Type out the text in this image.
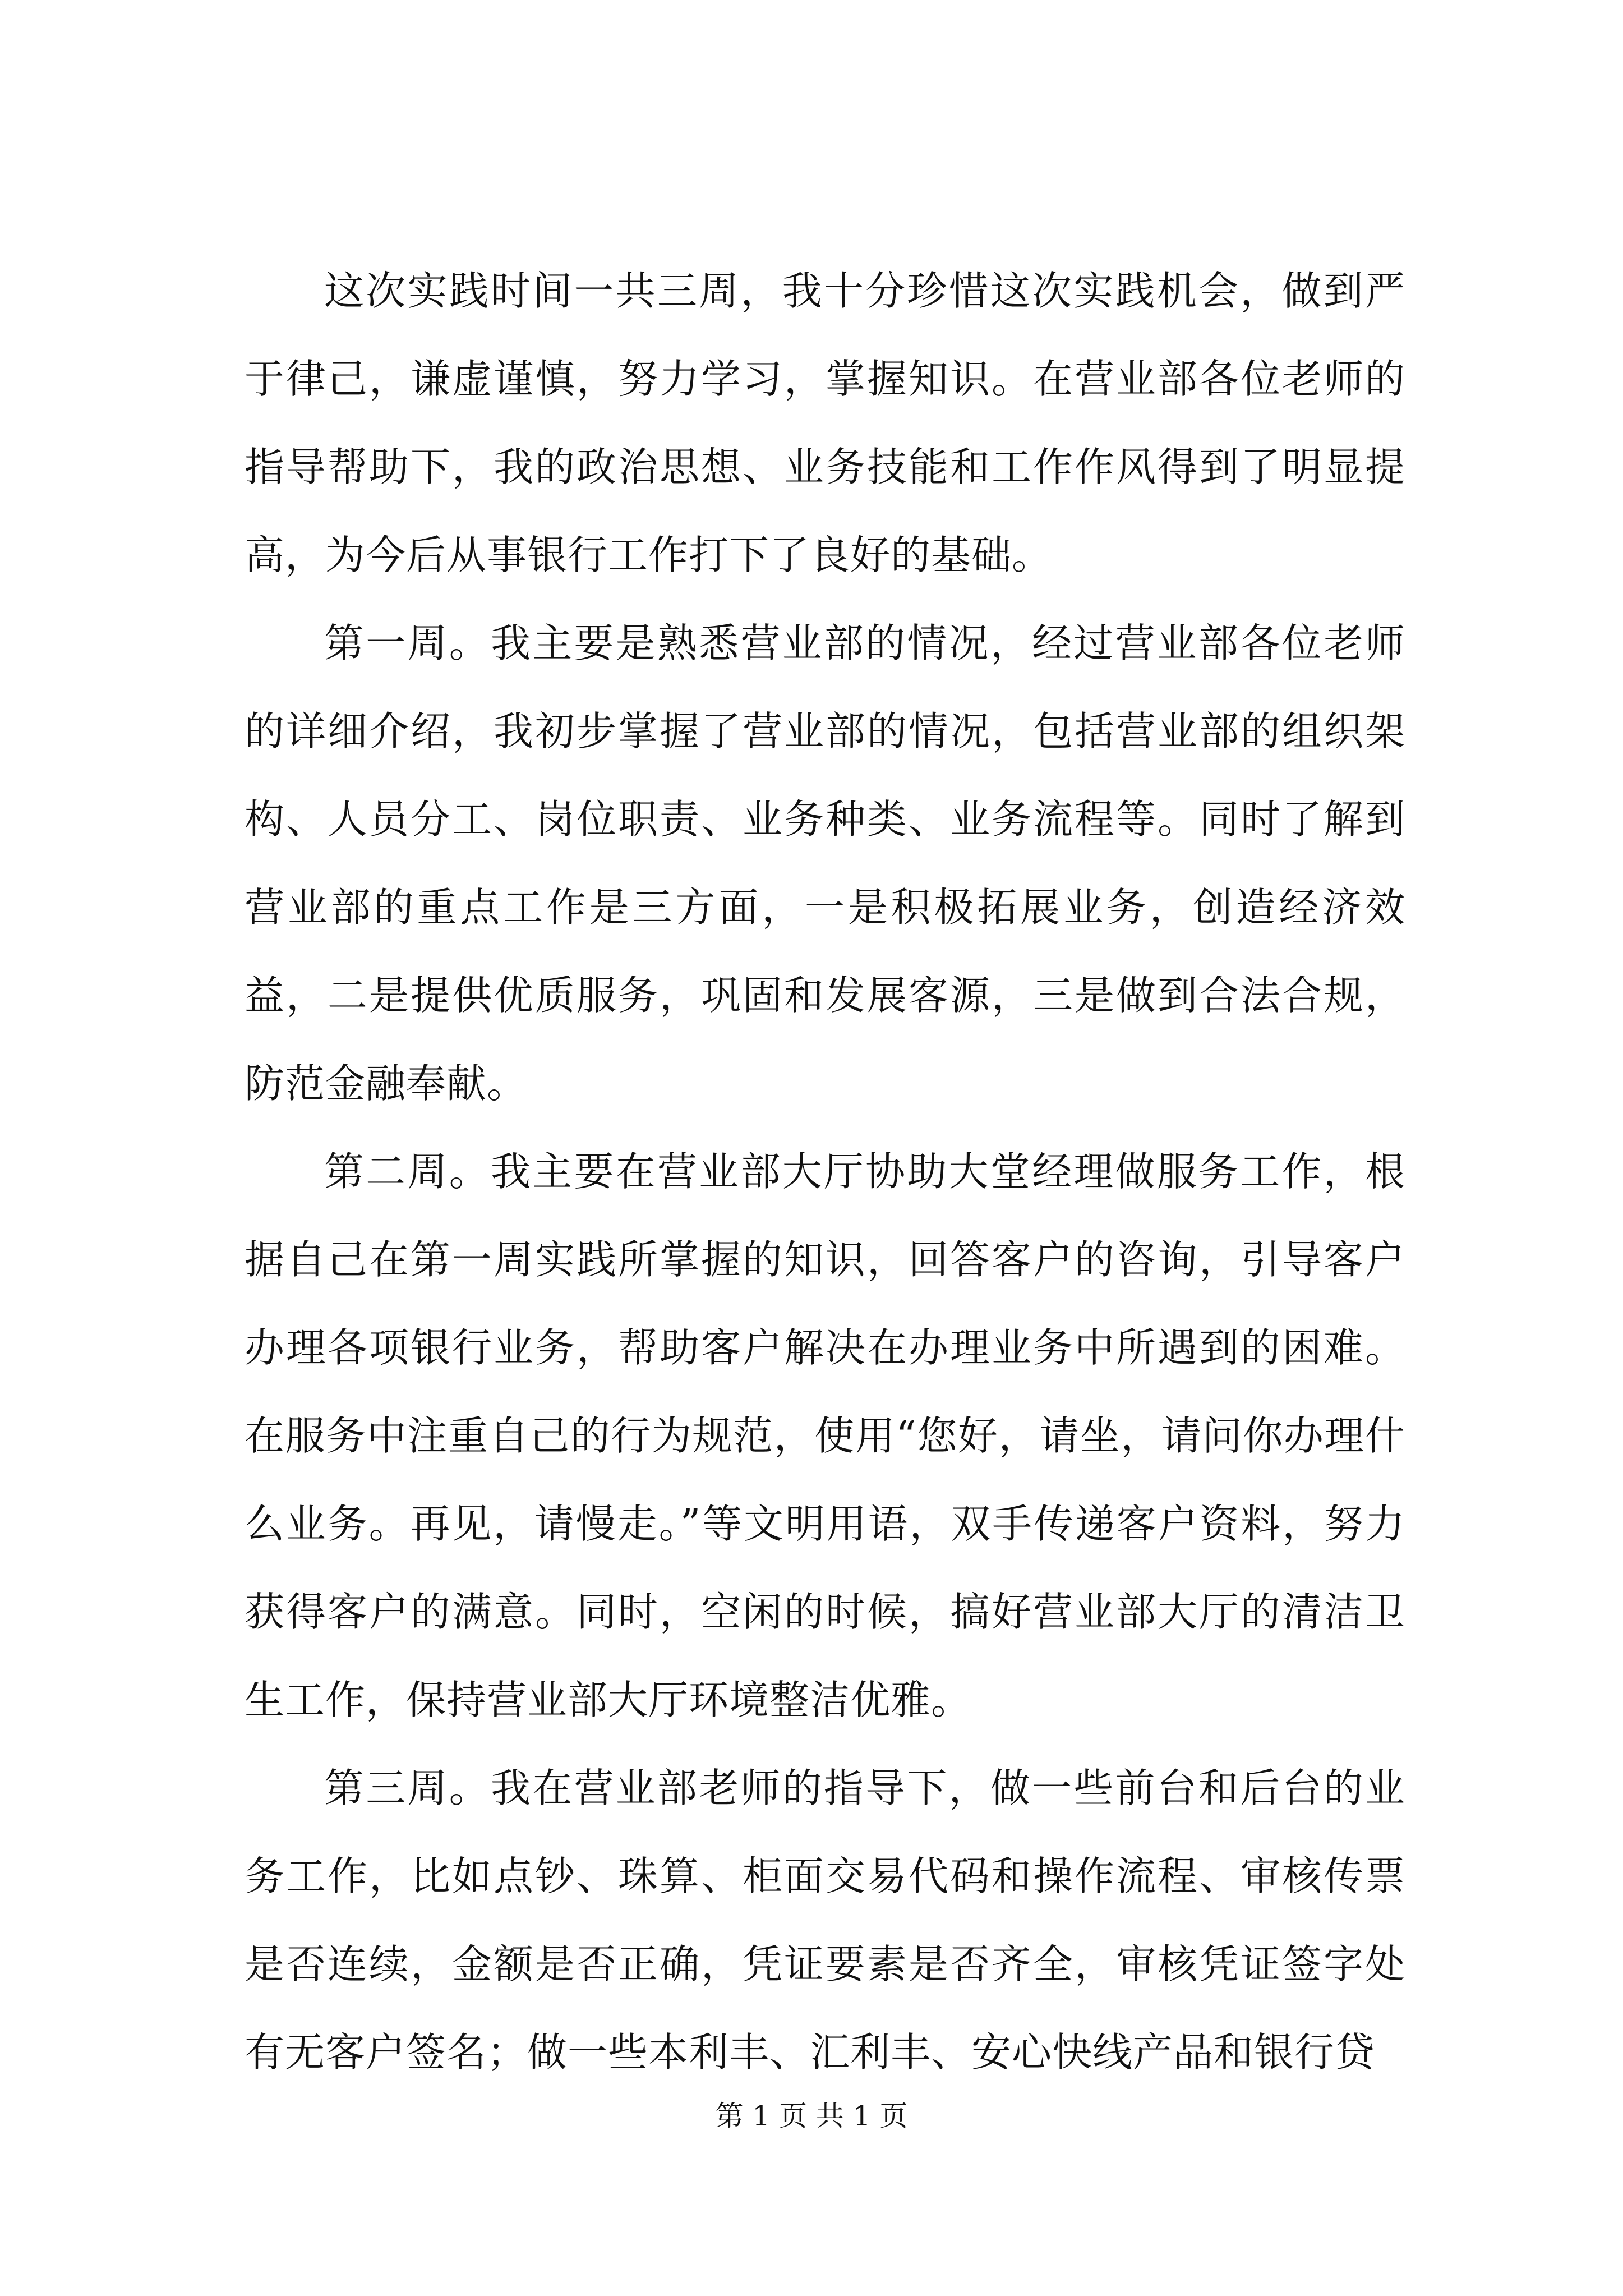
这次实践时间一共三周，我十分珍惜这次实践机会，做到严于律己，谦虚谨慎，努力学习，掌握知识。在营业部各位老师的指导帮助下，我的政治思想、业务技能和工作作风得到了明显提高，为今后从事银行工作打下了良好的基础。

第一周。我主要是熟悉营业部的情况，经过营业部各位老师的详细介绍，我初步掌握了营业部的情况，包括营业部的组织架构、人员分工、岗位职责、业务种类、业务流程等。同时了解到营业部的重点工作是三方面，一是积极拓展业务，创造经济效益，二是提供优质服务，巩固和发展客源，三是做到合法合规，防范金融奉献。

第二周。我主要在营业部大厅协助大堂经理做服务工作，根据自己在第一周实践所掌握的知识，回答客户的咨询，引导客户办理各项银行业务，帮助客户解决在办理业务中所遇到的困难。在服务中注重自己的行为规范，使用“您好，请坐，请问你办理什么业务。再见，请慢走。”等文明用语，双手传递客户资料，努力获得客户的满意。同时，空闲的时候，搞好营业部大厅的清洁卫生工作，保持营业部大厅环境整洁优雅。

第三周。我在营业部老师的指导下，做一些前台和后台的业务工作，比如点钞、珠算、柜面交易代码和操作流程、审核传票是否连续，金额是否正确，凭证要素是否齐全，审核凭证签字处有无客户签名；做一些本利丰、汇利丰、安心快线产品和银行贷

第 1 页 共 1 页
